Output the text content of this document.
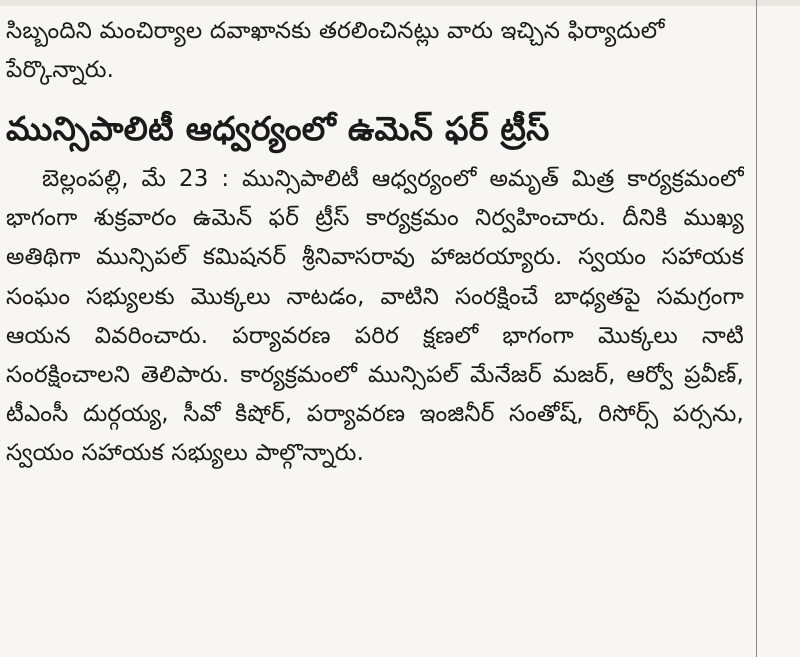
సిబ్బందిని మంచిర్యాల దవాఖానకు తరలించినట్లు వారు ఇచ్చిన ఫిర్యాదులో పేర్కొన్నారు.

మున్సిపాలిటీ ఆధ్వర్యంలో ఉమెన్ ఫర్ ట్రీస్

బెల్లంపల్లి, మే 23 : మున్సిపాలిటీ ఆధ్వర్యంలో అమృత్ మిత్ర కార్యక్రమంలో భాగంగా శుక్రవారం ఉమెన్ ఫర్ ట్రీస్ కార్యక్రమం నిర్వహించారు. దీనికి ముఖ్య అతిథిగా మున్సిపల్ కమిషనర్ శ్రీనివాసరావు హాజరయ్యారు. స్వయం సహాయక సంఘం సభ్యులకు మొక్కలు నాటడం, వాటిని సంరక్షించే బాధ్యతపై సమగ్రంగా ఆయన వివరించారు. పర్యావరణ పరిర క్షణలో భాగంగా మొక్కలు నాటి సంరక్షించాలని తెలిపారు. కార్యక్రమంలో మున్సిపల్ మేనేజర్ మజర్, ఆర్వో ప్రవీణ్, టీఎంసీ దుర్గయ్య, సీవో కిషోర్, పర్యావరణ ఇంజినీర్ సంతోష్, రిసోర్స్ పర్సను, స్వయం సహాయక సభ్యులు పాల్గొన్నారు.
